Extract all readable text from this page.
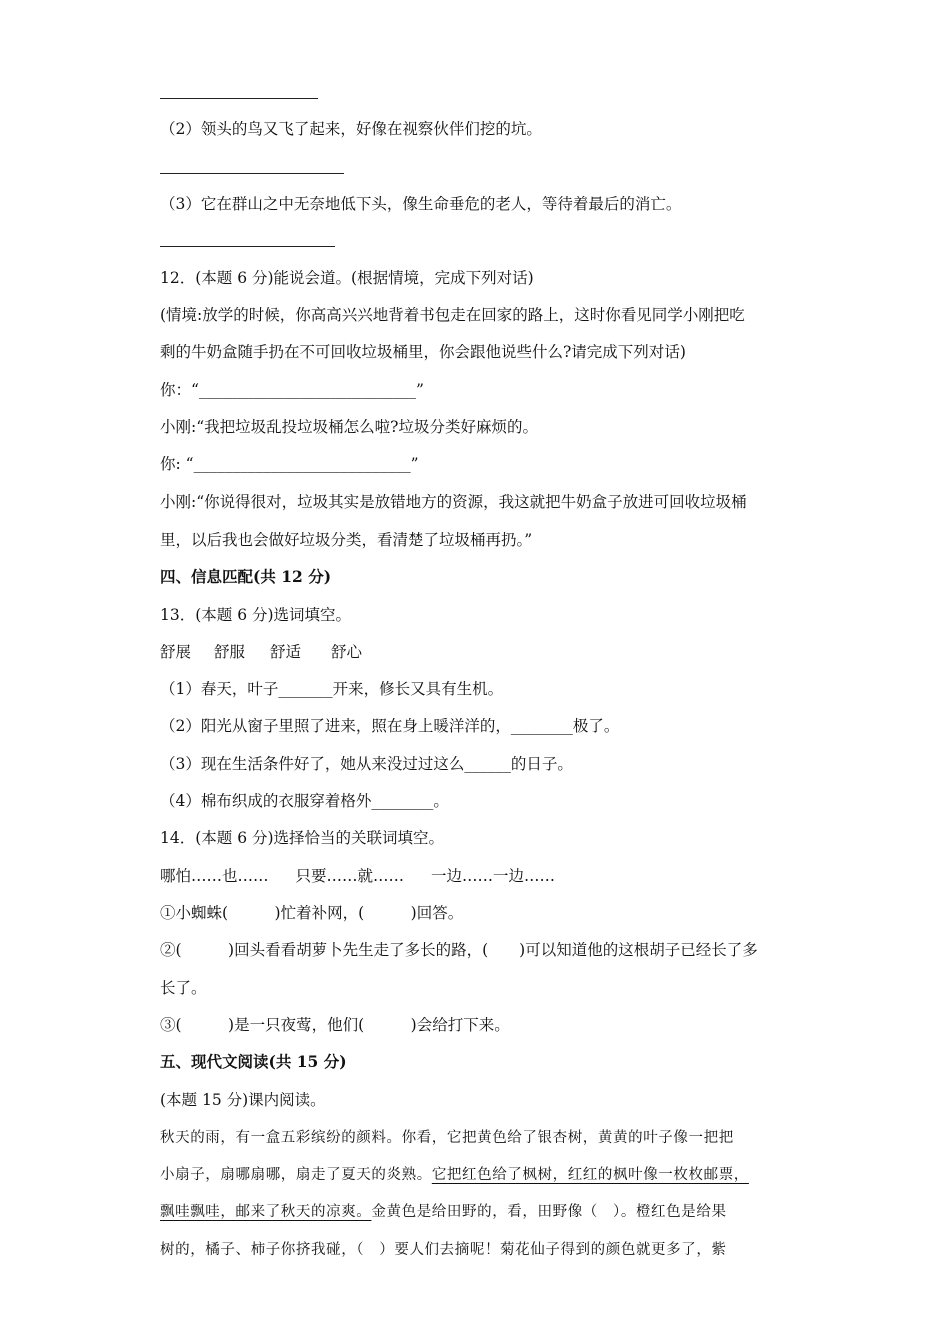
（2）领头的鸟又飞了起来，好像在视察伙伴们挖的坑。
（3）它在群山之中无奈地低下头，像生命垂危的老人，等待着最后的消亡。
12．(本题 6 分)能说会道。(根据情境，完成下列对话)
(情境:放学的时候，你高高兴兴地背着书包走在回家的路上，这时你看见同学小刚把吃
剩的牛奶盒随手扔在不可回收垃圾桶里，你会跟他说些什么?请完成下列对话)
你：“____________________________”
小刚:“我把垃圾乱投垃圾桶怎么啦?垃圾分类好麻烦的。
你: “____________________________”
小刚:“你说得很对，垃圾其实是放错地方的资源，我这就把牛奶盒子放进可回收垃圾桶
里，以后我也会做好垃圾分类，看清楚了垃圾桶再扔。”
四、信息匹配(共 12 分)
13．(本题 6 分)选词填空。
舒展 舒服 舒适 舒心
（1）春天，叶子_______开来，修长又具有生机。
（2）阳光从窗子里照了进来，照在身上暖洋洋的，________极了。
（3）现在生活条件好了，她从来没过过这么______的日子。
（4）棉布织成的衣服穿着格外________。
14．(本题 6 分)选择恰当的关联词填空。
哪怕……也…… 只要……就…… 一边……一边……
①小蜘蛛(　　　)忙着补网，(　　　)回答。
②(　　　)回头看看胡萝卜先生走了多长的路，(　　)可以知道他的这根胡子已经长了多
长了。
③(　　　)是一只夜莺，他们(　　　)会给打下来。
五、现代文阅读(共 15 分)
(本题 15 分)课内阅读。
秋天的雨，有一盒五彩缤纷的颜料。你看，它把黄色给了银杏树，黄黄的叶子像一把把
小扇子，扇哪扇哪，扇走了夏天的炎熟。它把红色给了枫树，红红的枫叶像一枚枚邮票，
飘哇飘哇，邮来了秋天的凉爽。金黄色是给田野的，看，田野像（　）。橙红色是给果
树的，橘子、柿子你挤我碰，（　）要人们去摘呢！菊花仙子得到的颜色就更多了，紫
